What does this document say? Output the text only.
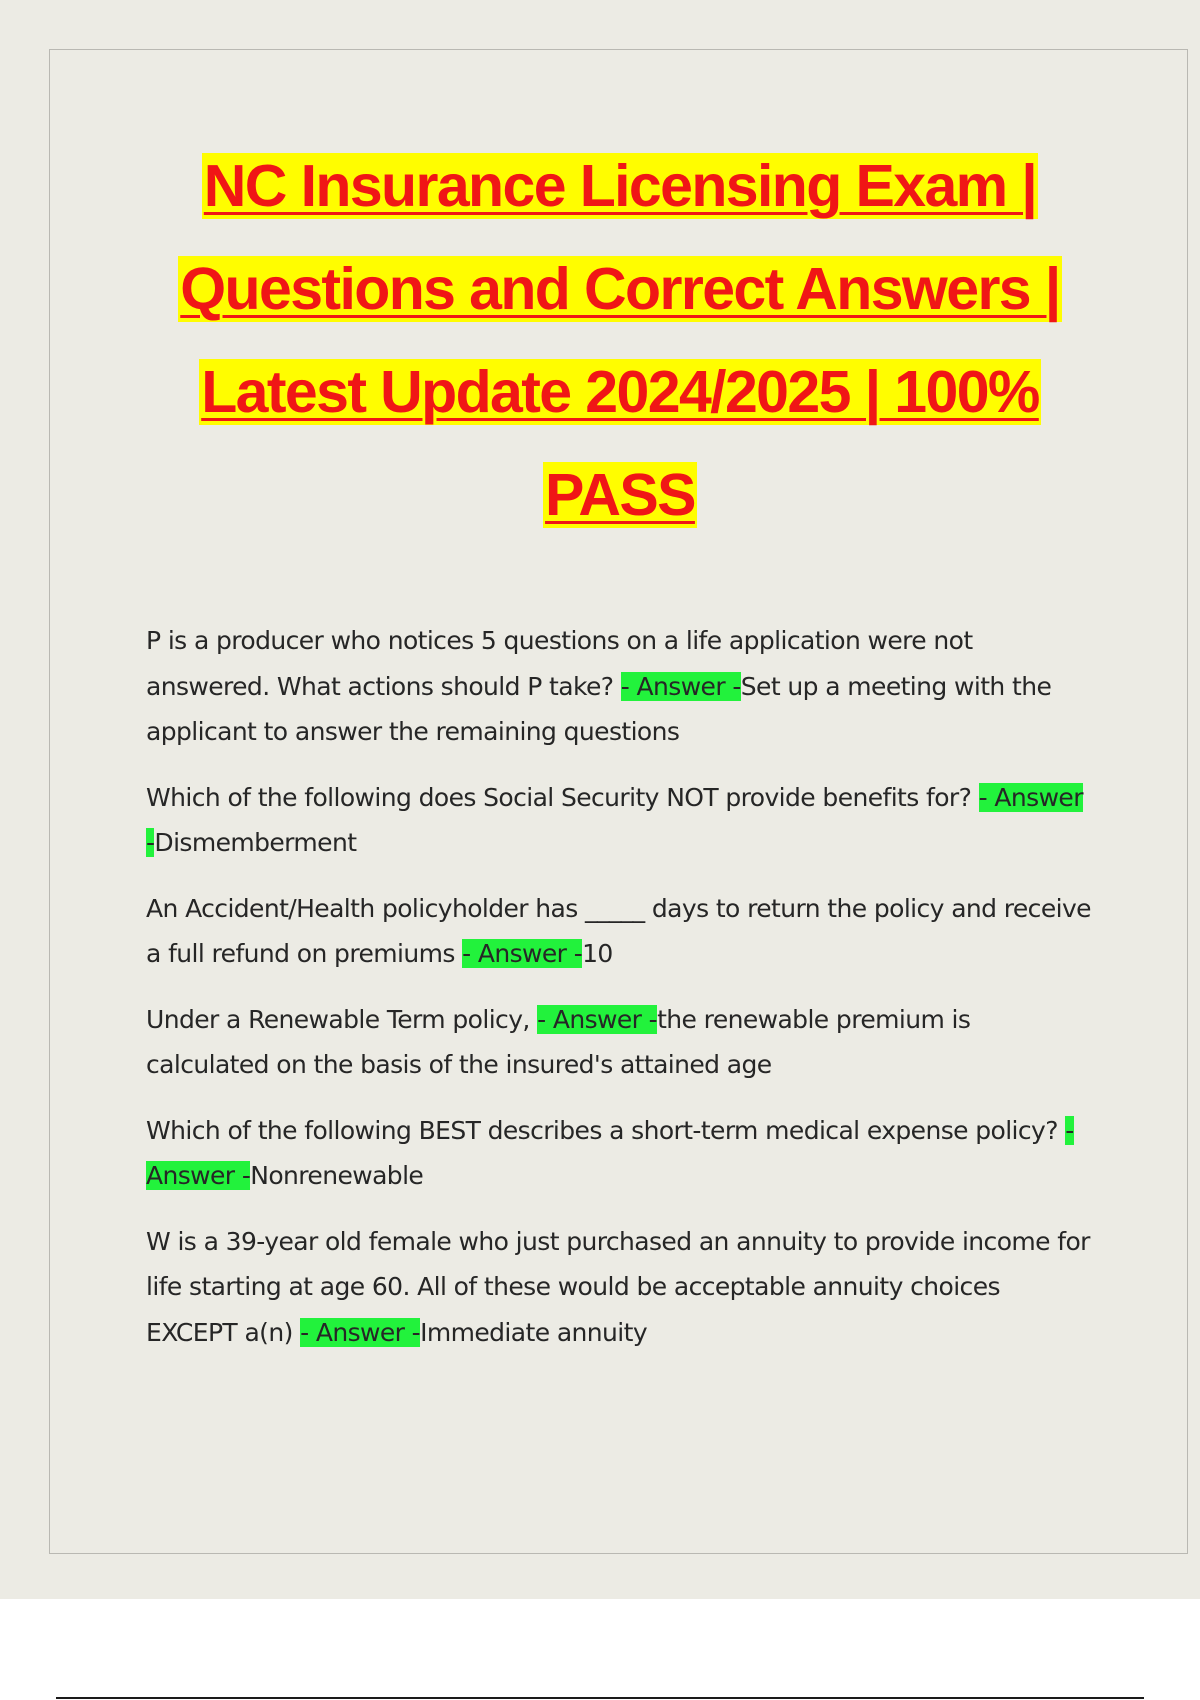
NC Insurance Licensing Exam |
Questions and Correct Answers |
Latest Update 2024/2025 | 100%
PASS

P is a producer who notices 5 questions on a life application were not answered. What actions should P take? - Answer -Set up a meeting with the applicant to answer the remaining questions

Which of the following does Social Security NOT provide benefits for? - Answer -Dismemberment

An Accident/Health policyholder has _____ days to return the policy and receive a full refund on premiums - Answer -10

Under a Renewable Term policy, - Answer -the renewable premium is calculated on the basis of the insured's attained age

Which of the following BEST describes a short-term medical expense policy? - Answer -Nonrenewable

W is a 39-year old female who just purchased an annuity to provide income for life starting at age 60. All of these would be acceptable annuity choices EXCEPT a(n) - Answer -Immediate annuity
